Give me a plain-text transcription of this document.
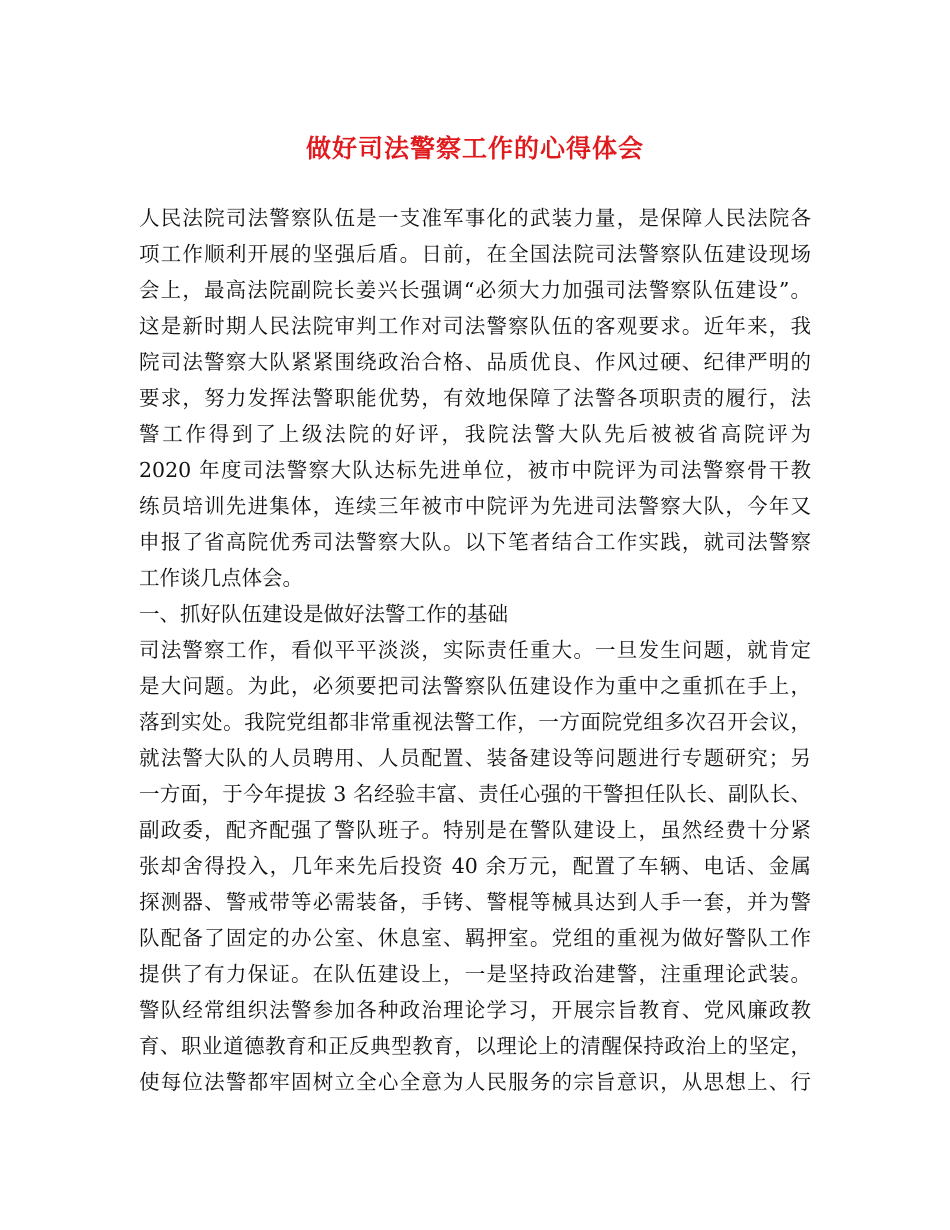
做好司法警察工作的心得体会
人民法院司法警察队伍是一支准军事化的武装力量，是保障人民法院各
项工作顺利开展的坚强后盾。日前，在全国法院司法警察队伍建设现场
会上，最高法院副院长姜兴长强调“必须大力加强司法警察队伍建设”。
这是新时期人民法院审判工作对司法警察队伍的客观要求。近年来，我
院司法警察大队紧紧围绕政治合格、品质优良、作风过硬、纪律严明的
要求，努力发挥法警职能优势，有效地保障了法警各项职责的履行，法
警工作得到了上级法院的好评，我院法警大队先后被被省高院评为
2020 年度司法警察大队达标先进单位，被市中院评为司法警察骨干教
练员培训先进集体，连续三年被市中院评为先进司法警察大队，今年又
申报了省高院优秀司法警察大队。以下笔者结合工作实践，就司法警察
工作谈几点体会。
一、抓好队伍建设是做好法警工作的基础
司法警察工作，看似平平淡淡，实际责任重大。一旦发生问题，就肯定
是大问题。为此，必须要把司法警察队伍建设作为重中之重抓在手上，
落到实处。我院党组都非常重视法警工作，一方面院党组多次召开会议，
就法警大队的人员聘用、人员配置、装备建设等问题进行专题研究；另
一方面，于今年提拔 3 名经验丰富、责任心强的干警担任队长、副队长、
副政委，配齐配强了警队班子。特别是在警队建设上，虽然经费十分紧
张却舍得投入，几年来先后投资 40 余万元，配置了车辆、电话、金属
探测器、警戒带等必需装备，手铐、警棍等械具达到人手一套，并为警
队配备了固定的办公室、休息室、羁押室。党组的重视为做好警队工作
提供了有力保证。在队伍建设上，一是坚持政治建警，注重理论武装。
警队经常组织法警参加各种政治理论学习，开展宗旨教育、党风廉政教
育、职业道德教育和正反典型教育，以理论上的清醒保持政治上的坚定，
使每位法警都牢固树立全心全意为人民服务的宗旨意识，从思想上、行
